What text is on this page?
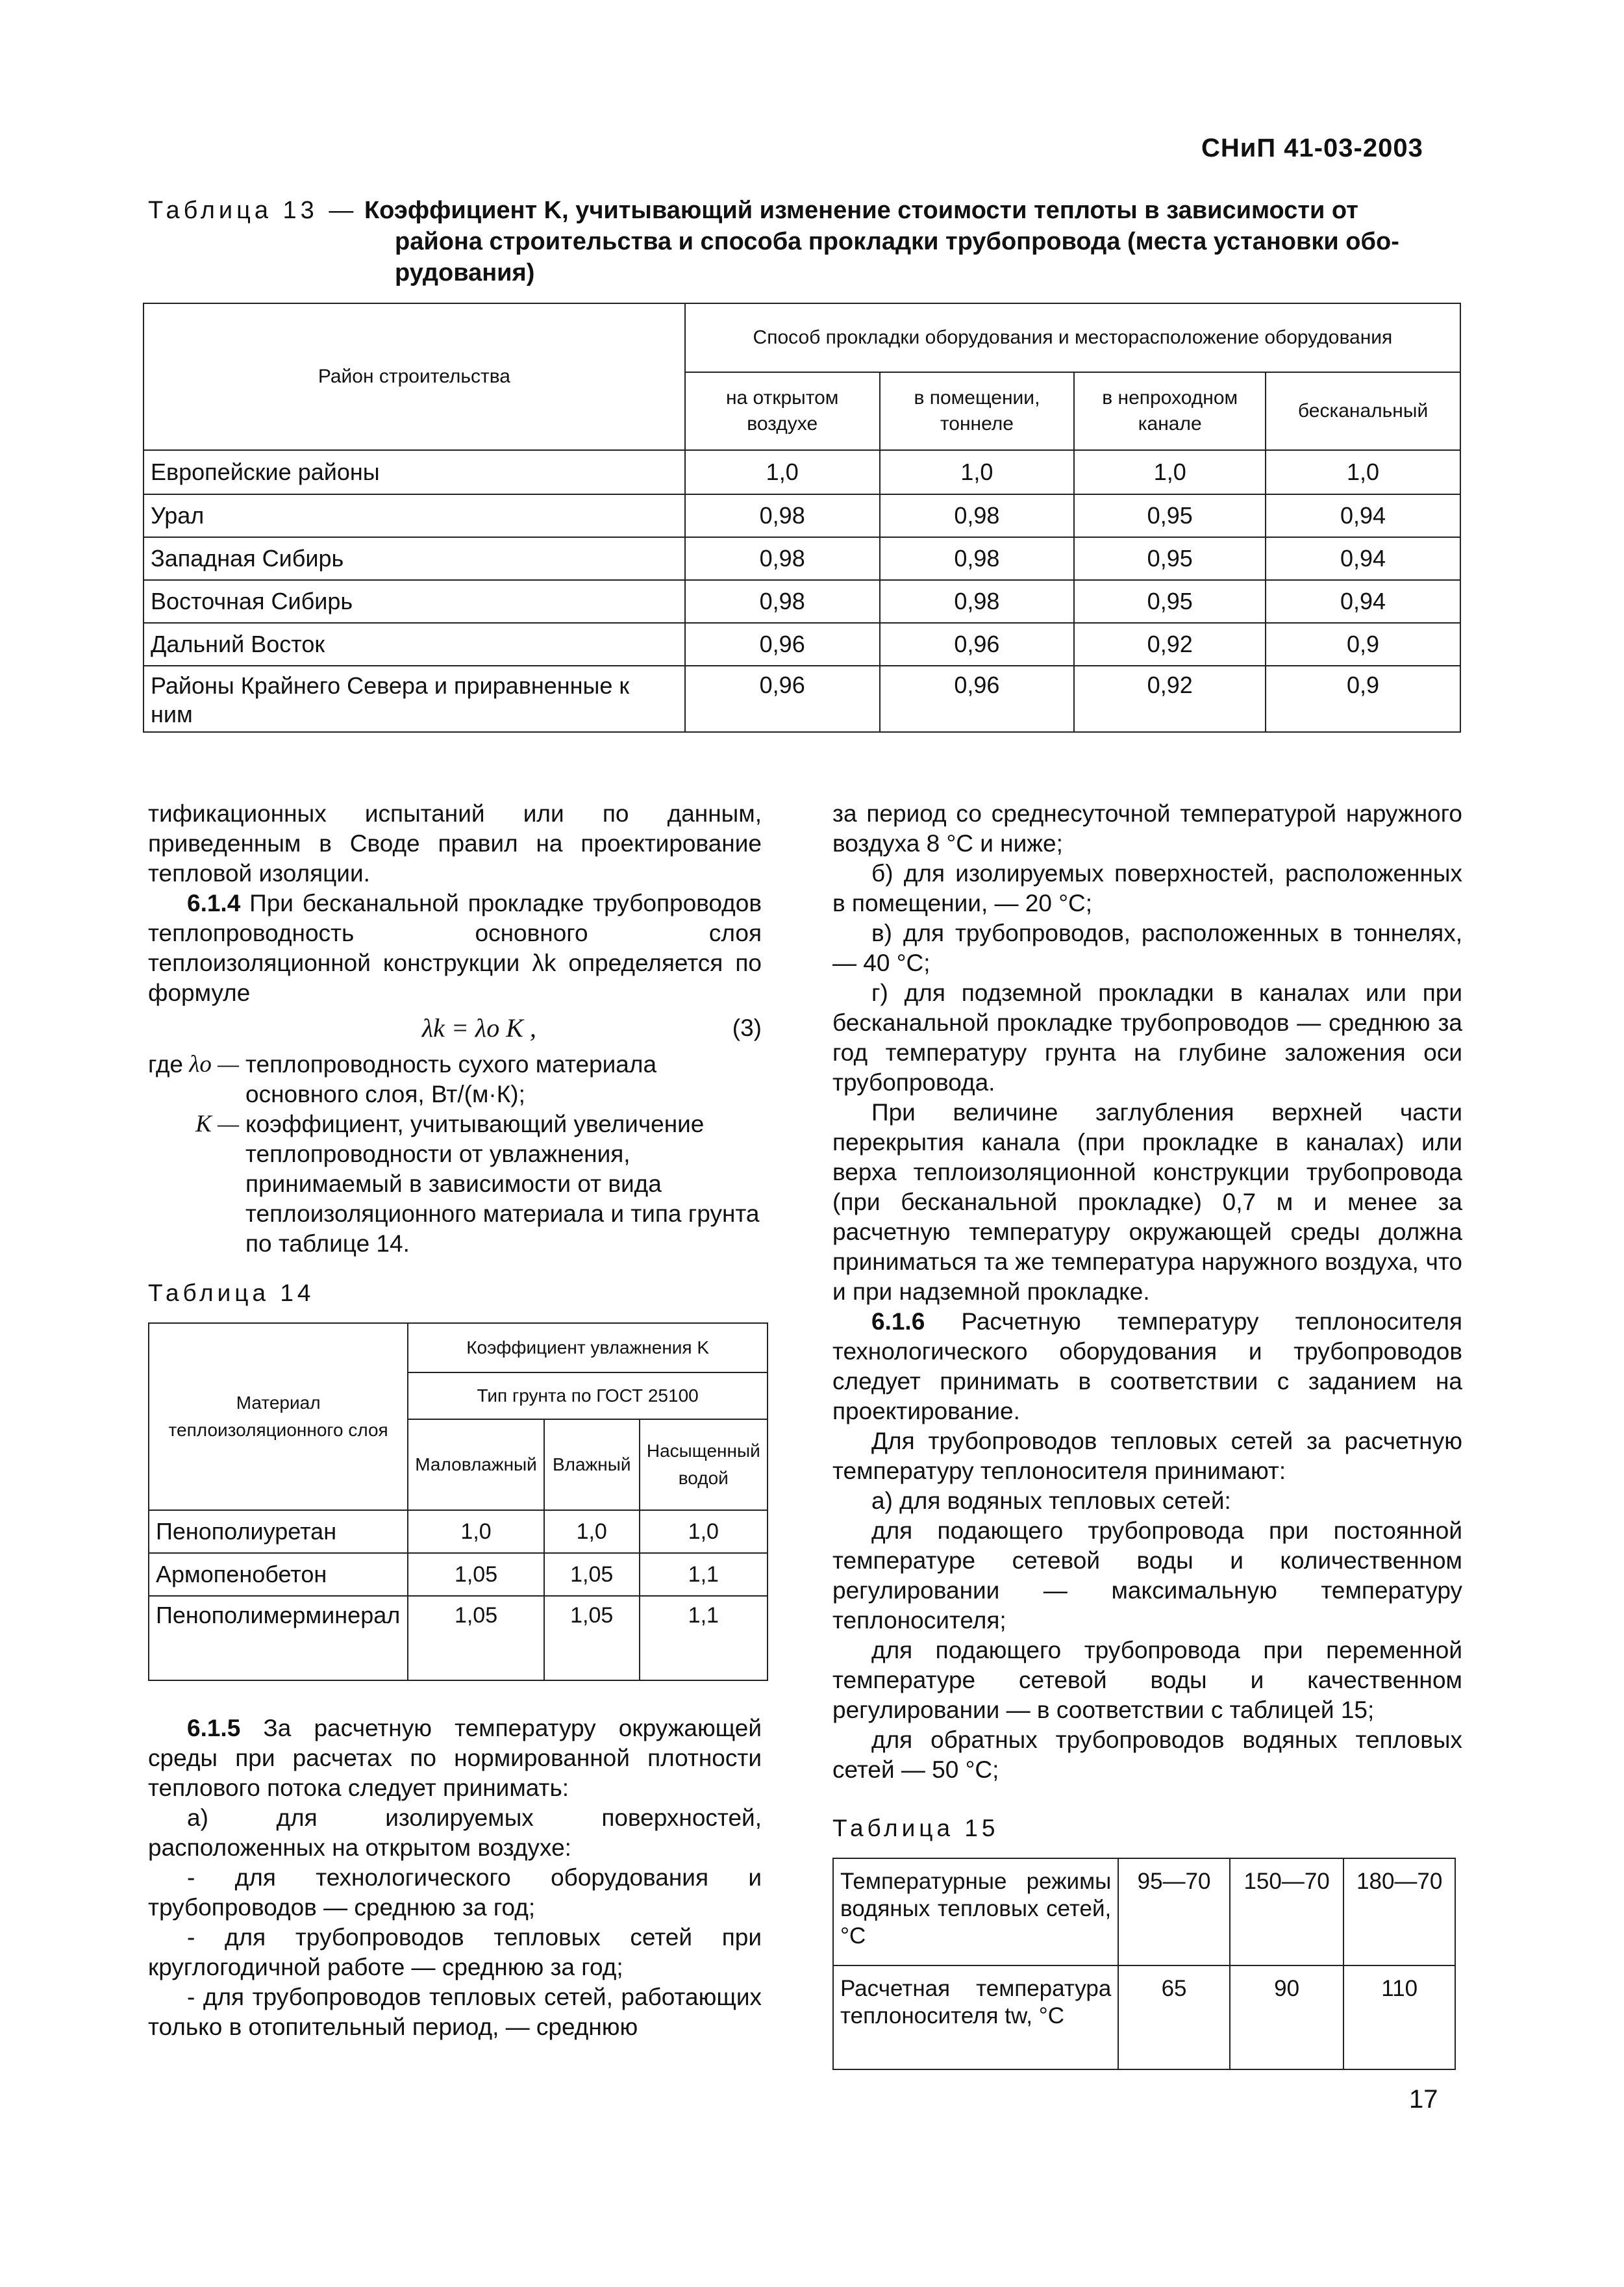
СНиП 41-03-2003
Таблица 13 — Коэффициент K, учитывающий изменение стоимости теплоты в зависимости от
района строительства и способа прокладки трубопровода (места установки обо-
рудования)
Район строительства	Способ прокладки оборудования и месторасположение оборудования			
	на открытом воздухе	в помещении, тоннеле	в непроходном канале	бесканальный
Европейские районы	1,0	1,0	1,0	1,0
Урал	0,98	0,98	0,95	0,94
Западная Сибирь	0,98	0,98	0,95	0,94
Восточная Сибирь	0,98	0,98	0,95	0,94
Дальний Восток	0,96	0,96	0,92	0,9
Районы Крайнего Севера и приравненные к ним	0,96	0,96	0,92	0,9

тификационных испытаний или по данным, приведенным в Своде правил на проектирование тепловой изоляции.

6.1.4 При бесканальной прокладке трубопроводов теплопроводность основного слоя теплоизоляционной конструкции λk определяется по формуле

λk = λo K ,	(3)
где λo — теплопроводность сухого материала основного слоя, Вт/(м·К);
K — коэффициент, учитывающий увеличение теплопроводности от увлажнения, принимаемый в зависимости от вида теплоизоляционного материала и типа грунта по таблице 14.

Таблица 14

Материал теплоизоляционного слоя	Коэффициент увлажнения K		
	Тип грунта по ГОСТ 25100		
	Маловлажный	Влажный	Насыщенный водой
Пенополиуретан	1,0	1,0	1,0
Армопенобетон	1,05	1,05	1,1
Пенополимерминерал	1,05	1,05	1,1

6.1.5 За расчетную температуру окружающей среды при расчетах по нормированной плотности теплового потока следует принимать:

а) для изолируемых поверхностей, расположенных на открытом воздухе:

- для технологического оборудования и трубопроводов — среднюю за год;

- для трубопроводов тепловых сетей при круглогодичной работе — среднюю за год;

- для трубопроводов тепловых сетей, работающих только в отопительный период, — среднюю

за период со среднесуточной температурой наружного воздуха 8 °С и ниже;

б) для изолируемых поверхностей, расположенных в помещении, — 20 °С;

в) для трубопроводов, расположенных в тоннелях, — 40 °С;

г) для подземной прокладки в каналах или при бесканальной прокладке трубопроводов — среднюю за год температуру грунта на глубине заложения оси трубопровода.

При величине заглубления верхней части перекрытия канала (при прокладке в каналах) или верха теплоизоляционной конструкции трубопровода (при бесканальной прокладке) 0,7 м и менее за расчетную температуру окружающей среды должна приниматься та же температура наружного воздуха, что и при надземной прокладке.

6.1.6 Расчетную температуру теплоносителя технологического оборудования и трубопроводов следует принимать в соответствии с заданием на проектирование.

Для трубопроводов тепловых сетей за расчетную температуру теплоносителя принимают:

а) для водяных тепловых сетей:

для подающего трубопровода при постоянной температуре сетевой воды и количественном регулировании — максимальную температуру теплоносителя;

для подающего трубопровода при переменной температуре сетевой воды и качественном регулировании — в соответствии с таблицей 15;

для обратных трубопроводов водяных тепловых сетей — 50 °С;

Таблица 15

Температурные режимы водяных тепловых сетей, °С	95—70	150—70	180—70
Расчетная температура теплоносителя tw, °С	65	90	110
17
